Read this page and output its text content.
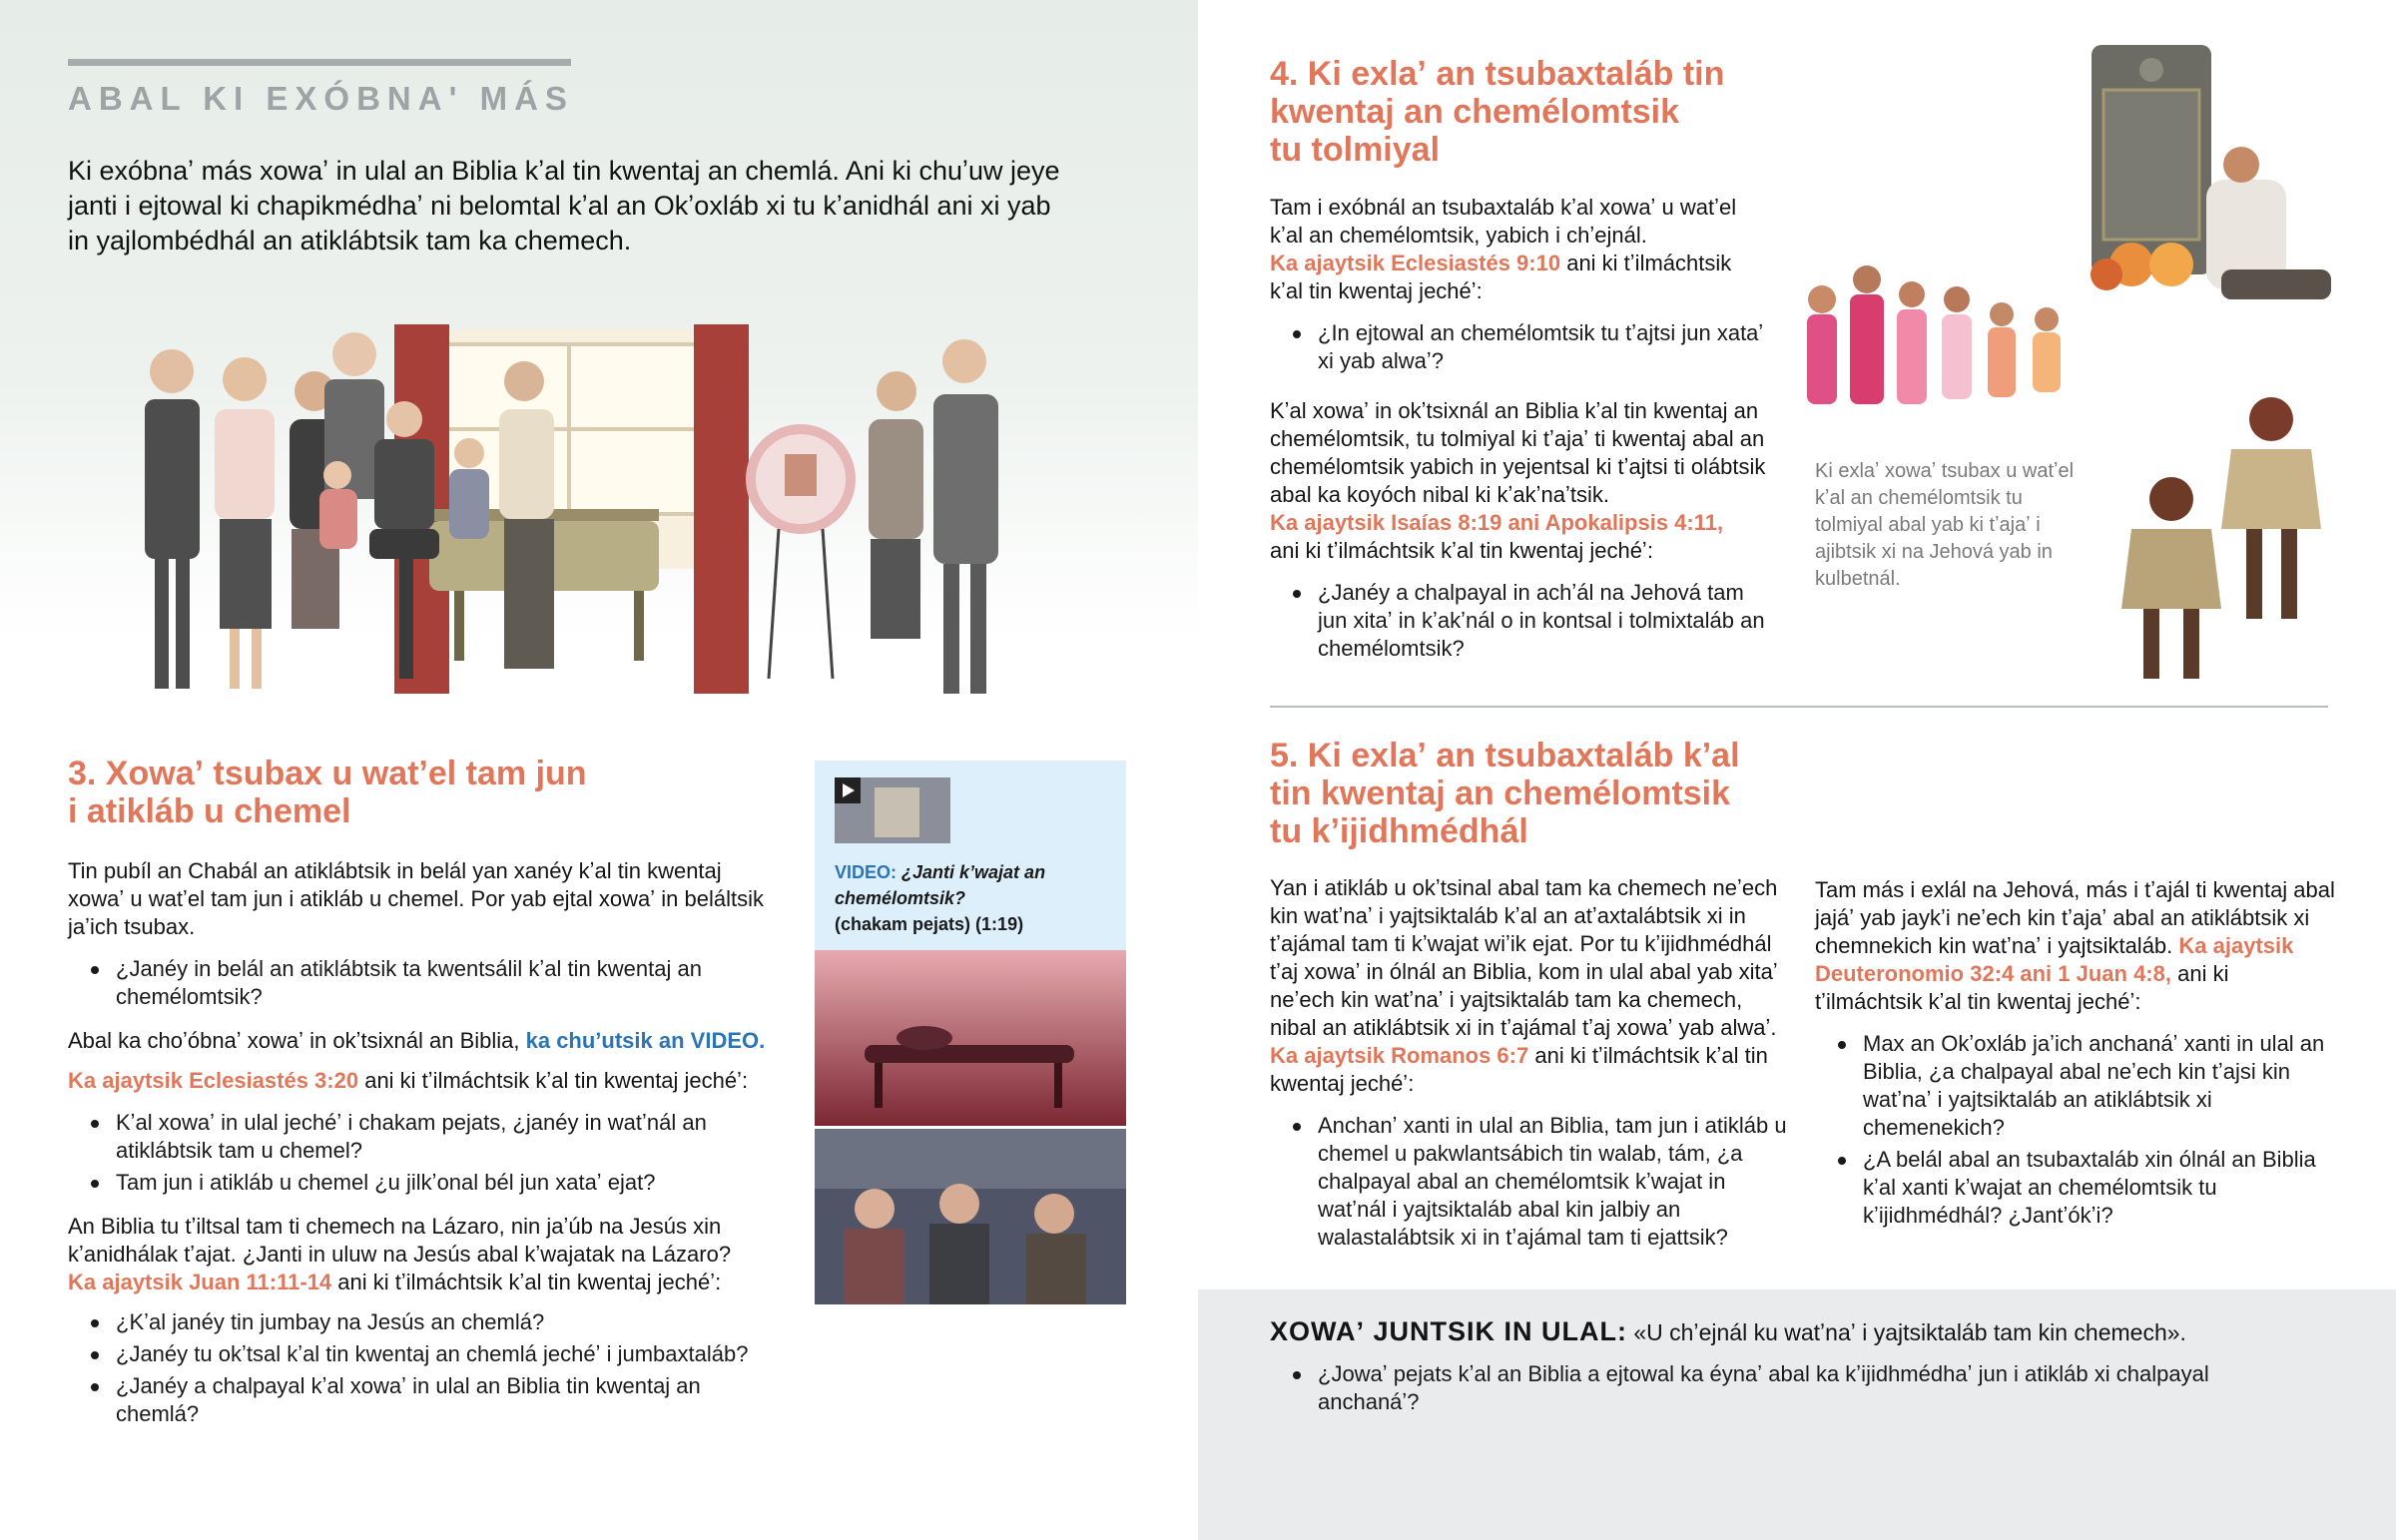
ABAL KI EXÓBNA' MÁS
Ki exóbnaʼ más xowaʼ in ulal an Biblia kʼal tin kwentaj an chemlá. Ani ki chuʼuw jeye janti i ejtowal ki chapikmédhaʼ ni belomtal kʼal an Okʼoxláb xi tu kʼanidhál ani xi yab in yajlombédhál an atiklábtsik tam ka chemech.
3. Xowaʼ tsubax u watʼel tam jun
i atikláb u chemel
Tin pubíl an Chabál an atiklábtsik in belál yan xanéy kʼal tin kwentaj xowaʼ u watʼel tam jun i atikláb u chemel. Por yab ejtal xowaʼ in beláltsik jaʼich tsubax.
¿Janéy in belál an atiklábtsik ta kwentsálil kʼal tin kwentaj an chemélomtsik?
Abal ka choʼóbnaʼ xowaʼ in okʼtsixnál an Biblia, ka chuʼutsik an VIDEO.
Ka ajaytsik Eclesiastés 3:20 ani ki tʼilmáchtsik kʼal tin kwentaj jechéʼ:
Kʼal xowaʼ in ulal jechéʼ i chakam pejats, ¿janéy in watʼnál an atiklábtsik tam u chemel?
Tam jun i atikláb u chemel ¿u jilkʼonal bél jun xataʼ ejat?
An Biblia tu tʼiltsal tam ti chemech na Lázaro, nin jaʼúb na Jesús xin kʼanidhálak tʼajat. ¿Janti in uluw na Jesús abal kʼwajatak na Lázaro?
Ka ajaytsik Juan 11:11-14 ani ki tʼilmáchtsik kʼal tin kwentaj jechéʼ:
¿Kʼal janéy tin jumbay na Jesús an chemlá?
¿Janéy tu okʼtsal kʼal tin kwentaj an chemlá jechéʼ i jumbaxtaláb?
¿Janéy a chalpayal kʼal xowaʼ in ulal an Biblia tin kwentaj an chemlá?
VIDEO: ¿Janti kʼwajat an chemélomtsik?
(chakam pejats) (1:19)
4. Ki exlaʼ an tsubaxtaláb tin
kwentaj an chemélomtsik
tu tolmiyal
Tam i exóbnál an tsubaxtaláb kʼal xowaʼ u watʼel kʼal an chemélomtsik, yabich i chʼejnál.
Ka ajaytsik Eclesiastés 9:10 ani ki tʼilmáchtsik kʼal tin kwentaj jechéʼ:
¿In ejtowal an chemélomtsik tu tʼajtsi jun xataʼ xi yab alwaʼ?
Kʼal xowaʼ in okʼtsixnál an Biblia kʼal tin kwentaj an chemélomtsik, tu tolmiyal ki tʼajaʼ ti kwentaj abal an chemélomtsik yabich in yejentsal ki tʼajtsi ti olábtsik abal ka koyóch nibal ki kʼakʼnaʼtsik.
Ka ajaytsik Isaías 8:19 ani Apokalipsis 4:11,
ani ki tʼilmáchtsik kʼal tin kwentaj jechéʼ:
¿Janéy a chalpayal in achʼál na Jehová tam jun xitaʼ in kʼakʼnál o in kontsal i tolmixtaláb an chemélomtsik?
Ki exlaʼ xowaʼ tsubax u watʼel kʼal an chemélomtsik tu tolmiyal abal yab ki tʼajaʼ i ajibtsik xi na Jehová yab in kulbetnál.
5. Ki exlaʼ an tsubaxtaláb kʼal
tin kwentaj an chemélomtsik
tu kʼijidhmédhál
Yan i atikláb u okʼtsinal abal tam ka chemech neʼech kin watʼnaʼ i yajtsiktaláb kʼal an atʼaxtalábtsik xi in tʼajámal tam ti kʼwajat wiʼik ejat. Por tu kʼijidhmédhál tʼaj xowaʼ in ólnál an Biblia, kom in ulal abal yab xitaʼ neʼech kin watʼnaʼ i yajtsiktaláb tam ka chemech, nibal an atiklábtsik xi in tʼajámal tʼaj xowaʼ yab alwaʼ. Ka ajaytsik Romanos 6:7 ani ki tʼilmáchtsik kʼal tin kwentaj jechéʼ:
Anchanʼ xanti in ulal an Biblia, tam jun i atikláb u chemel u pakwlantsábich tin walab, tám, ¿a chalpayal abal an chemélomtsik kʼwajat in watʼnál i yajtsiktaláb abal kin jalbiy an walastalábtsik xi in tʼajámal tam ti ejattsik?
Tam más i exlál na Jehová, más i tʼajál ti kwentaj abal jajáʼ yab jaykʼi neʼech kin tʼajaʼ abal an atiklábtsik xi chemnekich kin watʼnaʼ i yajtsiktaláb. Ka ajaytsik Deuteronomio 32:4 ani 1 Juan 4:8, ani ki tʼilmáchtsik kʼal tin kwentaj jechéʼ:
Max an Okʼoxláb jaʼich anchanáʼ xanti in ulal an Biblia, ¿a chalpayal abal neʼech kin tʼajsi kin watʼnaʼ i yajtsiktaláb an atiklábtsik xi chemenekich?
¿A belál abal an tsubaxtaláb xin ólnál an Biblia kʼal xanti kʼwajat an chemélomtsik tu kʼijidhmédhál? ¿Jantʼókʼi?
XOWAʼ JUNTSIK IN ULAL: «U chʼejnál ku watʼnaʼ i yajtsiktaláb tam kin chemech».
¿Jowaʼ pejats kʼal an Biblia a ejtowal ka éynaʼ abal ka kʼijidhmédhaʼ jun i atikláb xi chalpayal anchanáʼ?
